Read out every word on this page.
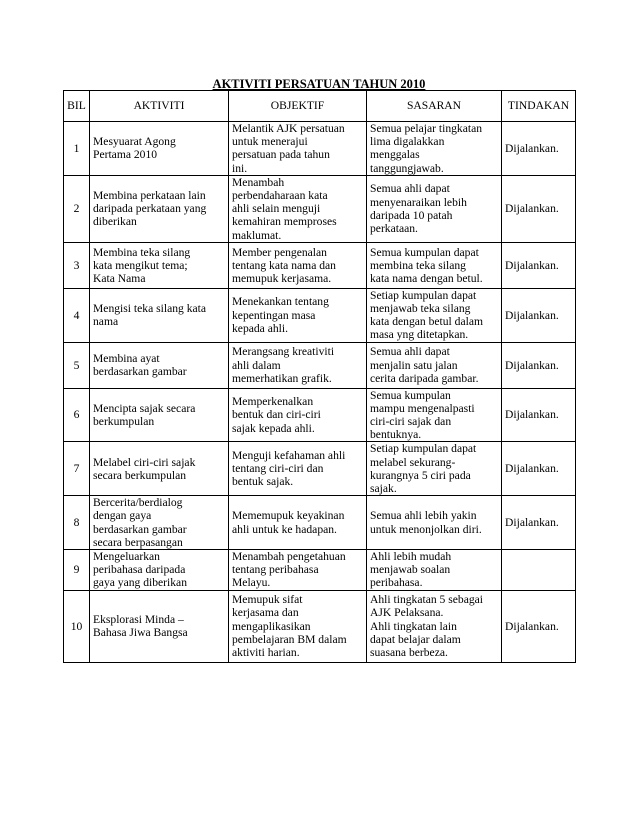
AKTIVITI PERSATUAN TAHUN 2010
BIL	AKTIVITI	OBJEKTIF	SASARAN	TINDAKAN

1	Mesyuarat Agong
Pertama 2010	Melantik AJK persatuan
untuk menerajui
persatuan pada tahun
ini.	Semua pelajar tingkatan
lima digalakkan
menggalas
tanggungjawab.	Dijalankan.

2	Membina perkataan lain
daripada perkataan yang
diberikan	Menambah
perbendaharaan kata
ahli selain menguji
kemahiran memproses
maklumat.	Semua ahli dapat
menyenaraikan lebih
daripada 10 patah
perkataan.	Dijalankan.

3	Membina teka silang
kata mengikut tema;
Kata Nama	Member pengenalan
tentang kata nama dan
memupuk kerjasama.	Semua kumpulan dapat
membina teka silang
kata nama dengan betul.	Dijalankan.

4	Mengisi teka silang kata
nama	Menekankan tentang
kepentingan masa
kepada ahli.	Setiap kumpulan dapat
menjawab teka silang
kata dengan betul dalam
masa yng ditetapkan.	Dijalankan.

5	Membina ayat
berdasarkan gambar	Merangsang kreativiti
ahli dalam
memerhatikan grafik.	Semua ahli dapat
menjalin satu jalan
cerita daripada gambar.	Dijalankan.

6	Mencipta sajak secara
berkumpulan	Memperkenalkan
bentuk dan ciri-ciri
sajak kepada ahli.	Semua kumpulan
mampu mengenalpasti
ciri-ciri sajak dan
bentuknya.	Dijalankan.

7	Melabel ciri-ciri sajak
secara berkumpulan	Menguji kefahaman ahli
tentang ciri-ciri dan
bentuk sajak.	Setiap kumpulan dapat
melabel sekurang-
kurangnya 5 ciri pada
sajak.	Dijalankan.

8	Bercerita/berdialog
dengan gaya
berdasarkan gambar
secara berpasangan	Mememupuk keyakinan
ahli untuk ke hadapan.	Semua ahli lebih yakin
untuk menonjolkan diri.	Dijalankan.

9	Mengeluarkan
peribahasa daripada
gaya yang diberikan	Menambah pengetahuan
tentang peribahasa
Melayu.	Ahli lebih mudah
menjawab soalan
peribahasa.	

10	Eksplorasi Minda –
Bahasa Jiwa Bangsa	Memupuk sifat
kerjasama dan
mengaplikasikan
pembelajaran BM dalam
aktiviti harian.	Ahli tingkatan 5 sebagai
AJK Pelaksana.
Ahli tingkatan lain
dapat belajar dalam
suasana berbeza.	Dijalankan.
